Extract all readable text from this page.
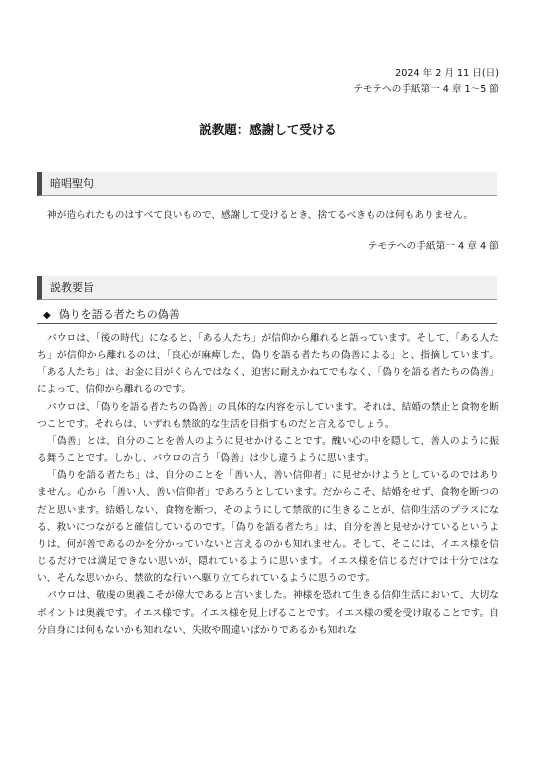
2024 年 2 月 11 日(日)
テモテへの手紙第一 4 章 1～5 節
説教題：感謝して受ける
暗唱聖句
神が造られたものはすべて良いもので、感謝して受けるとき、捨てるべきものは何もありません。
テモテへの手紙第一 4 章 4 節
説教要旨
◆ 偽りを語る者たちの偽善

パウロは、「後の時代」になると、「ある人たち」が信仰から離れると語っています。そして、「ある人たち」が信仰から離れるのは、「良心が麻痺した、偽りを語る者たちの偽善による」と、指摘しています。「ある人たち」は、お金に目がくらんではなく、迫害に耐えかねてでもなく、「偽りを語る者たちの偽善」によって、信仰から離れるのです。

パウロは、「偽りを語る者たちの偽善」の具体的な内容を示しています。それは、結婚の禁止と食物を断つことです。それらは、いずれも禁欲的な生活を目指すものだと言えるでしょう。

「偽善」とは、自分のことを善人のように見せかけることです。醜い心の中を隠して、善人のように振る舞うことです。しかし、パウロの言う「偽善」は少し違うように思います。

「偽りを語る者たち」は、自分のことを「善い人、善い信仰者」に見せかけようとしているのではありません。心から「善い人、善い信仰者」であろうとしています。だからこそ、結婚をせず、食物を断つのだと思います。結婚しない、食物を断つ、そのようにして禁欲的に生きることが、信仰生活のプラスになる、救いにつながると確信しているのです。「偽りを語る者たち」は、自分を善と見せかけているというよりは、何が善であるのかを分かっていないと言えるのかも知れません。そして、そこには、イエス様を信じるだけでは満足できない思いが、隠れているように思います。イエス様を信じるだけでは十分ではない、そんな思いから、禁欲的な行いへ駆り立てられているように思うのです。

パウロは、敬虔の奥義こそが偉大であると言いました。神様を恐れて生きる信仰生活において、大切なポイントは奥義です。イエス様です。イエス様を見上げることです。イエス様の愛を受け取ることです。自分自身には何もないかも知れない、失敗や間違いばかりであるかも知れな
